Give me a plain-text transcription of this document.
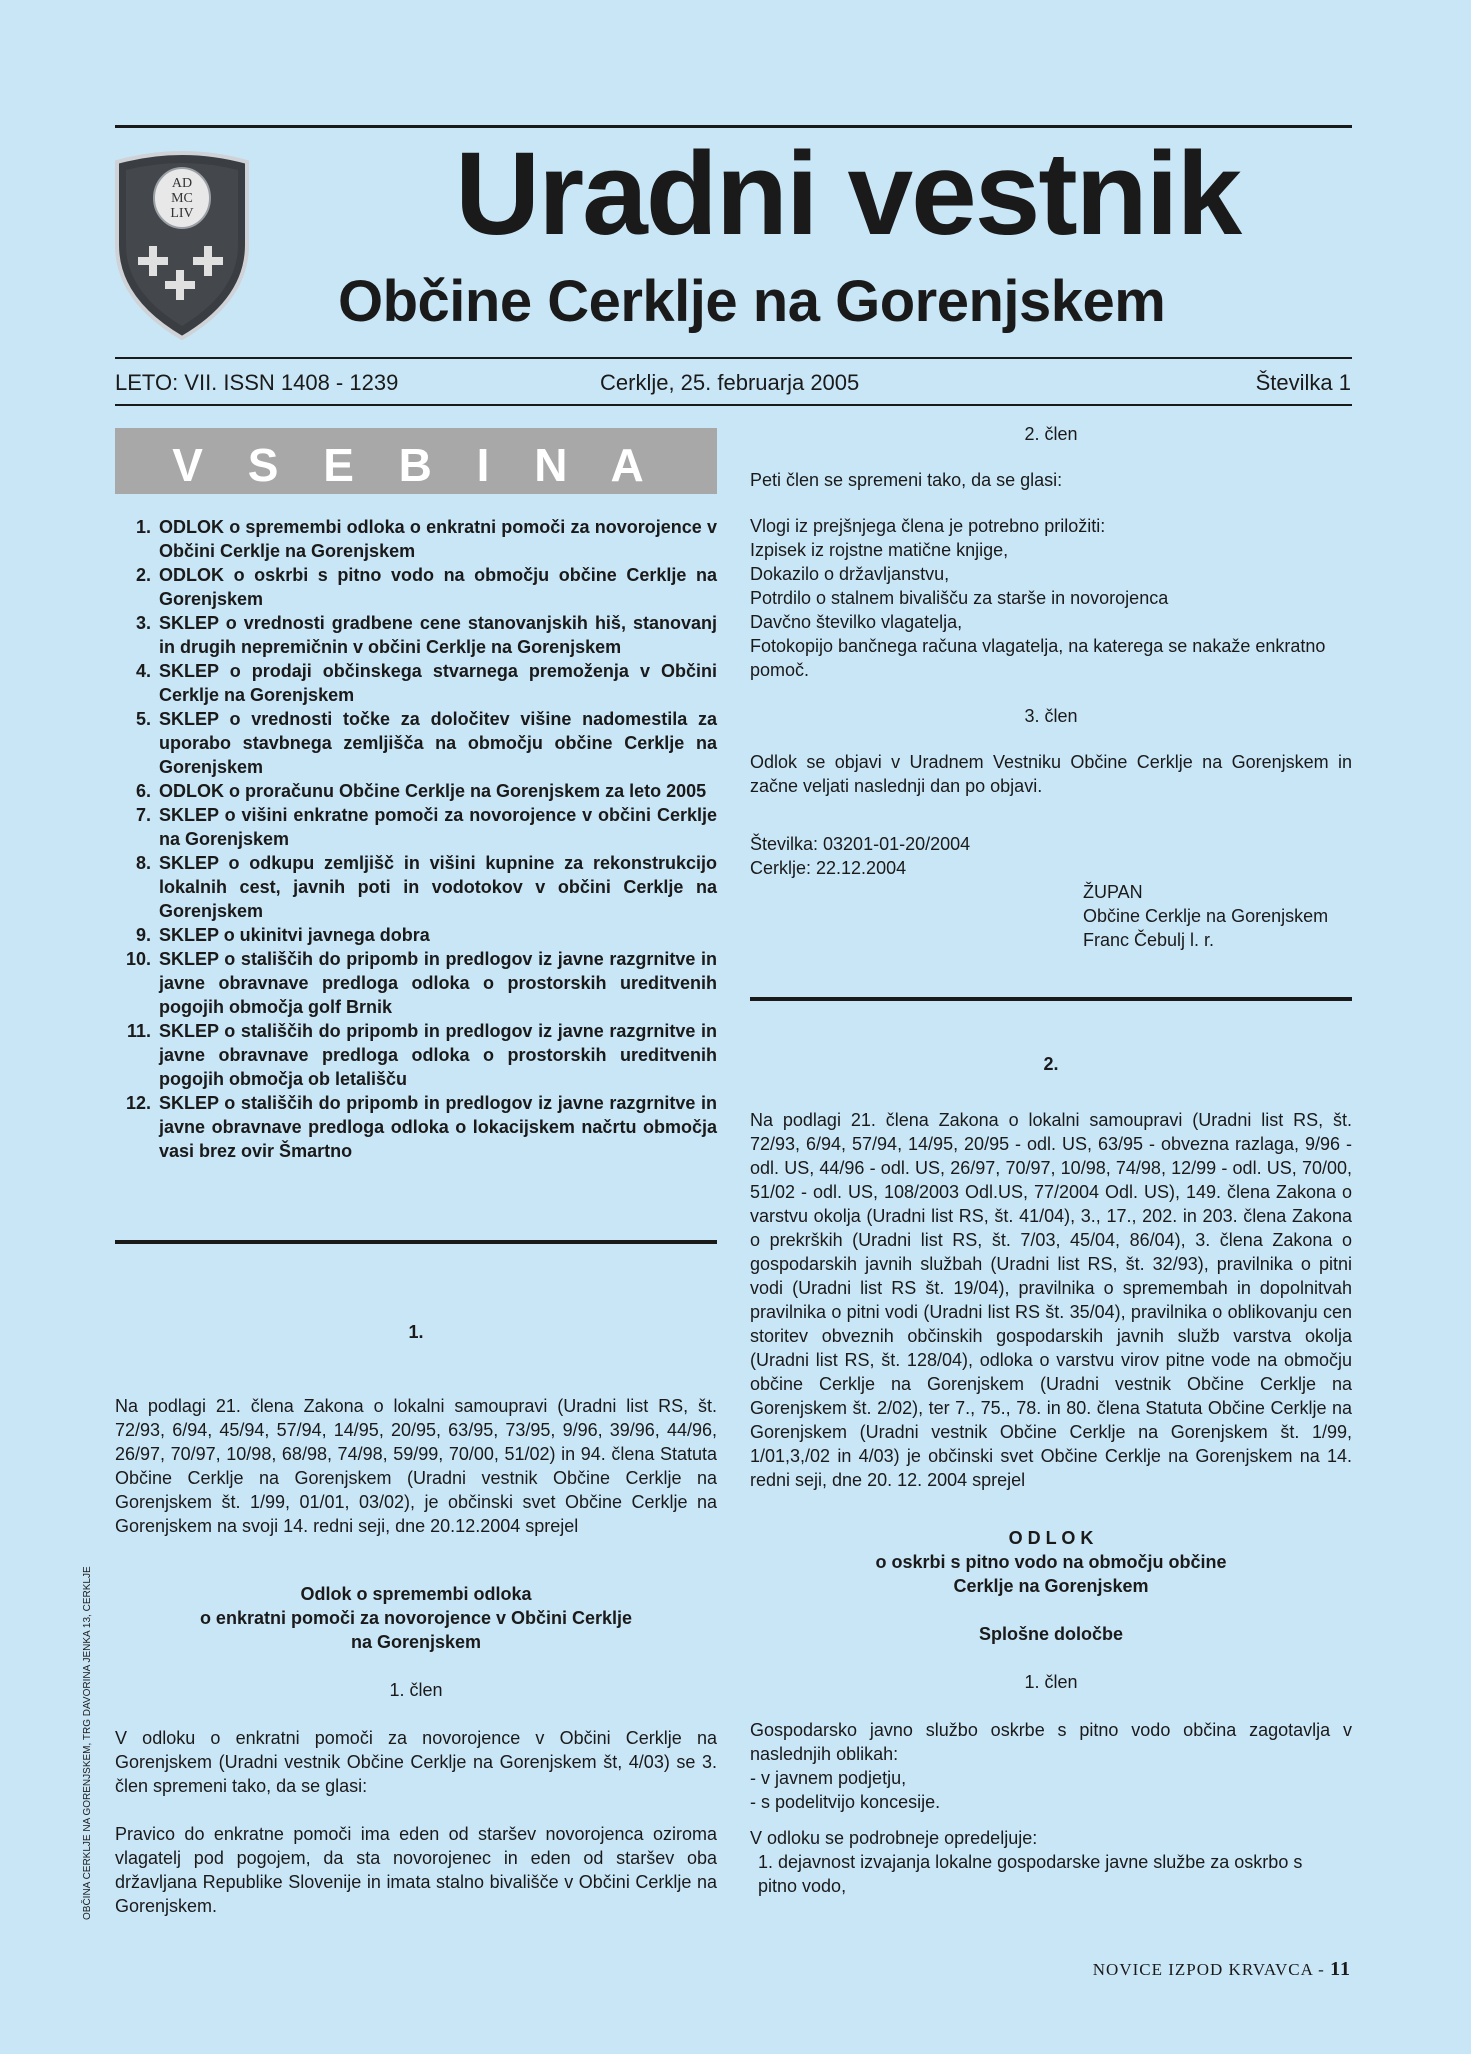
AD
MC
LIV Uradni vestnik
Občine Cerklje na Gorenjskem
LETO: VII. ISSN 1408 - 1239	Cerklje, 25. februarja 2005	Številka 1
V S E B I N A
1. ODLOK o spremembi odloka o enkratni pomoči za novorojence v Občini Cerklje na Gorenjskem
2. ODLOK o oskrbi s pitno vodo na območju občine Cerklje na Gorenjskem
3. SKLEP o vrednosti gradbene cene stanovanjskih hiš, stanovanj in drugih nepremičnin v občini Cerklje na Gorenjskem
4. SKLEP o prodaji občinskega stvarnega premoženja v Občini Cerklje na Gorenjskem
5. SKLEP o vrednosti točke za določitev višine nadomestila za uporabo stavbnega zemljišča na območju občine Cerklje na Gorenjskem
6. ODLOK o proračunu Občine Cerklje na Gorenjskem za leto 2005
7. SKLEP o višini enkratne pomoči za novorojence v občini Cerklje na Gorenjskem
8. SKLEP o odkupu zemljišč in višini kupnine za rekonstrukcijo lokalnih cest, javnih poti in vodotokov v občini Cerklje na Gorenjskem
9. SKLEP o ukinitvi javnega dobra
10. SKLEP o stališčih do pripomb in predlogov iz javne razgrnitve in javne obravnave predloga odloka o prostorskih ureditvenih pogojih območja golf Brnik
11. SKLEP o stališčih do pripomb in predlogov iz javne razgrnitve in javne obravnave predloga odloka o prostorskih ureditvenih pogojih območja ob letališču
12. SKLEP o stališčih do pripomb in predlogov iz javne razgrnitve in javne obravnave predloga odloka o lokacijskem načrtu območja vasi brez ovir Šmartno
1.

Na podlagi 21. člena Zakona o lokalni samoupravi (Uradni list RS, št. 72/93, 6/94, 45/94, 57/94, 14/95, 20/95, 63/95, 73/95, 9/96, 39/96, 44/96, 26/97, 70/97, 10/98, 68/98, 74/98, 59/99, 70/00, 51/02) in 94. člena Statuta Občine Cerklje na Gorenjskem (Uradni vestnik Občine Cerklje na Gorenjskem št. 1/99, 01/01, 03/02), je občinski svet Občine Cerklje na Gorenjskem na svoji 14. redni seji, dne 20.12.2004 sprejel

Odlok o spremembi odloka
o enkratni pomoči za novorojence v Občini Cerklje
na Gorenjskem
1. člen

V odloku o enkratni pomoči za novorojence v Občini Cerklje na Gorenjskem (Uradni vestnik Občine Cerklje na Gorenjskem št, 4/03) se 3. člen spremeni tako, da se glasi:

Pravico do enkratne pomoči ima eden od staršev novorojenca oziroma vlagatelj pod pogojem, da sta novorojenec in eden od staršev oba državljana Republike Slovenije in imata stalno bivališče v Občini Cerklje na Gorenjskem.

2. člen

Peti člen se spremeni tako, da se glasi:

Vlogi iz prejšnjega člena je potrebno priložiti:
Izpisek iz rojstne matične knjige,
Dokazilo o državljanstvu,
Potrdilo o stalnem bivališču za starše in novorojenca
Davčno številko vlagatelja,
Fotokopijo bančnega računa vlagatelja, na katerega se nakaže enkratno pomoč.
3. člen

Odlok se objavi v Uradnem Vestniku Občine Cerklje na Gorenjskem in začne veljati naslednji dan po objavi.

Številka: 03201-01-20/2004
Cerklje: 22.12.2004
ŽUPAN
Občine Cerklje na Gorenjskem
Franc Čebulj l. r.
2.

Na podlagi 21. člena Zakona o lokalni samoupravi (Uradni list RS, št. 72/93, 6/94, 57/94, 14/95, 20/95 - odl. US, 63/95 - obvezna razlaga, 9/96 - odl. US, 44/96 - odl. US, 26/97, 70/97, 10/98, 74/98, 12/99 - odl. US, 70/00, 51/02 - odl. US, 108/2003 Odl.US, 77/2004 Odl. US), 149. člena Zakona o varstvu okolja (Uradni list RS, št. 41/04), 3., 17., 202. in 203. člena Zakona o prekrških (Uradni list RS, št. 7/03, 45/04, 86/04), 3. člena Zakona o gospodarskih javnih službah (Uradni list RS, št. 32/93), pravilnika o pitni vodi (Uradni list RS št. 19/04), pravilnika o spremembah in dopolnitvah pravilnika o pitni vodi (Uradni list RS št. 35/04), pravilnika o oblikovanju cen storitev obveznih občinskih gospodarskih javnih služb varstva okolja (Uradni list RS, št. 128/04), odloka o varstvu virov pitne vode na območju občine Cerklje na Gorenjskem (Uradni vestnik Občine Cerklje na Gorenjskem št. 2/02), ter 7., 75., 78. in 80. člena Statuta Občine Cerklje na Gorenjskem (Uradni vestnik Občine Cerklje na Gorenjskem št. 1/99, 1/01,3,/02 in 4/03) je občinski svet Občine Cerklje na Gorenjskem na 14. redni seji, dne 20. 12. 2004 sprejel

O D L O K
o oskrbi s pitno vodo na območju občine
Cerklje na Gorenjskem
Splošne določbe
1. člen

Gospodarsko javno službo oskrbe s pitno vodo občina zagotavlja v naslednjih oblikah:

- v javnem podjetju,
- s podelitvijo koncesije.

V odloku se podrobneje opredeljuje:

1. dejavnost izvajanja lokalne gospodarske javne službe za oskrbo s pitno vodo,
OBČINA CERKLJE NA GORENJSKEM, TRG DAVORINA JENKA 13, CERKLJE
NOVICE IZPOD KRVAVCA - 11
